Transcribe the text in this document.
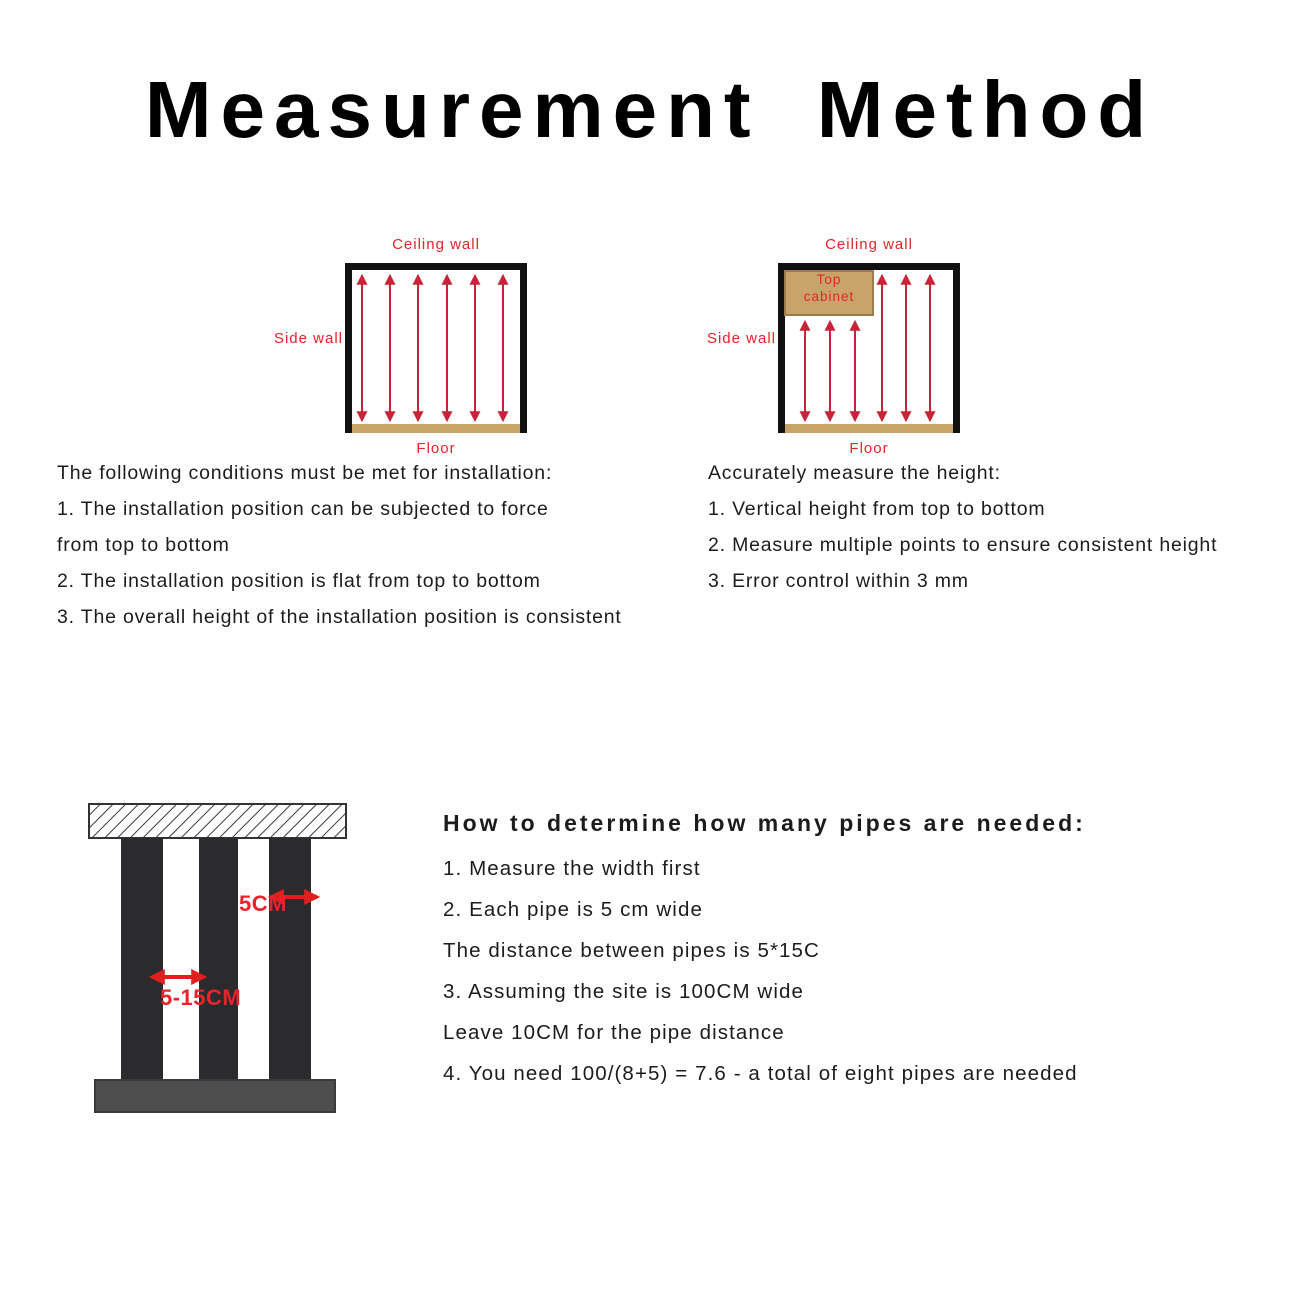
Measurement Method
Ceiling wall
Side wall
Floor
Ceiling wall
Side wall
Floor
Top cabinet
The following conditions must be met for installation:
1. The installation position can be subjected to force
from top to bottom
2. The installation position is flat from top to bottom
3. The overall height of the installation position is consistent
Accurately measure the height:
1. Vertical height from top to bottom
2. Measure multiple points to ensure consistent height
3. Error control within 3 mm
5CM
5-15CM
How to determine how many pipes are needed:
1. Measure the width first
2. Each pipe is 5 cm wide
The distance between pipes is 5*15C
3. Assuming the site is 100CM wide
Leave 10CM for the pipe distance
4. You need 100/(8+5) = 7.6 - a total of eight pipes are needed
